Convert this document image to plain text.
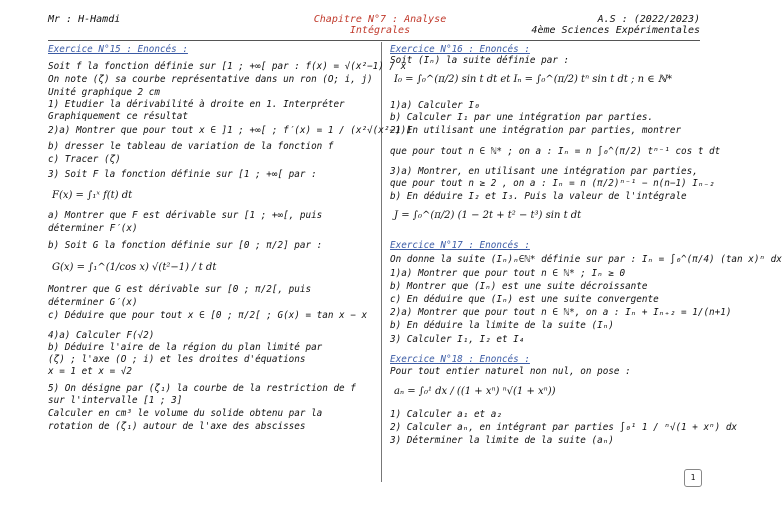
Mr : H-Hamdi	Chapitre N°7 : Analyse
Intégrales
A.S : (2022/2023)
4ème Sciences Expérimentales
Exercice N°15 : Enoncés :
Soit f la fonction définie sur [1 ; +∞[ par : f(x) = √(x²−1) / x
On note (ζ) sa courbe représentative dans un ron (O; i, j)
Unité graphique 2 cm
1) Etudier la dérivabilité à droite en 1. Interpréter
Graphiquement ce résultat
2)a) Montrer que pour tout x ∈ ]1 ; +∞[ ; f′(x) = 1 / (x²√(x²−1))
b) dresser le tableau de variation de la fonction f
c) Tracer (ζ)
3) Soit F la fonction définie sur [1 ; +∞[ par :
F(x) = ∫₁ˣ f(t) dt
a) Montrer que F est dérivable sur [1 ; +∞[, puis
déterminer F′(x)
b) Soit G la fonction définie sur [0 ; π/2] par :
G(x) = ∫₁^(1/cos x) √(t²−1) / t dt
Montrer que G est dérivable sur [0 ; π/2[, puis
déterminer G′(x)
c) Déduire que pour tout x ∈ [0 ; π/2[ ; G(x) = tan x − x
4)a) Calculer F(√2)
b) Déduire l'aire de la région du plan limité par
(ζ) ; l'axe (O ; i) et les droites d'équations
x = 1 et x = √2
5) On désigne par (ζ₁) la courbe de la restriction de f
sur l'intervalle [1 ; 3]
Calculer en cm³ le volume du solide obtenu par la
rotation de (ζ₁) autour de l'axe des abscisses
Exercice N°16 : Enoncés :
Soit (Iₙ) la suite définie par :
I₀ = ∫₀^(π/2) sin t dt et Iₙ = ∫₀^(π/2) tⁿ sin t dt ; n ∈ ℕ*
1)a) Calculer I₀
b) Calculer I₁ par une intégration par parties.
2) En utilisant une intégration par parties, montrer
que pour tout n ∈ ℕ* ; on a : Iₙ = n ∫₀^(π/2) tⁿ⁻¹ cos t dt
3)a) Montrer, en utilisant une intégration par parties,
que pour tout n ≥ 2 , on a : Iₙ = n (π/2)ⁿ⁻¹ − n(n−1) Iₙ₋₂
b) En déduire I₂ et I₃. Puis la valeur de l'intégrale
J = ∫₀^(π/2) (1 − 2t + t² − t³) sin t dt
Exercice N°17 : Enoncés :
On donne la suite (Iₙ)ₙ∈ℕ* définie sur par : Iₙ = ∫₀^(π/4) (tan x)ⁿ dx
1)a) Montrer que pour tout n ∈ ℕ* ; Iₙ ≥ 0
b) Montrer que (Iₙ) est une suite décroissante
c) En déduire que (Iₙ) est une suite convergente
2)a) Montrer que pour tout n ∈ ℕ*, on a : Iₙ + Iₙ₊₂ = 1/(n+1)
b) En déduire la limite de la suite (Iₙ)
3) Calculer I₁, I₂ et I₄
Exercice N°18 : Enoncés :
Pour tout entier naturel non nul, on pose :
aₙ = ∫₀¹ dx / ((1 + xⁿ) ⁿ√(1 + xⁿ))
1) Calculer a₁ et a₂
2) Calculer aₙ, en intégrant par parties ∫₀¹ 1 / ⁿ√(1 + xⁿ) dx
3) Déterminer la limite de la suite (aₙ)
1
